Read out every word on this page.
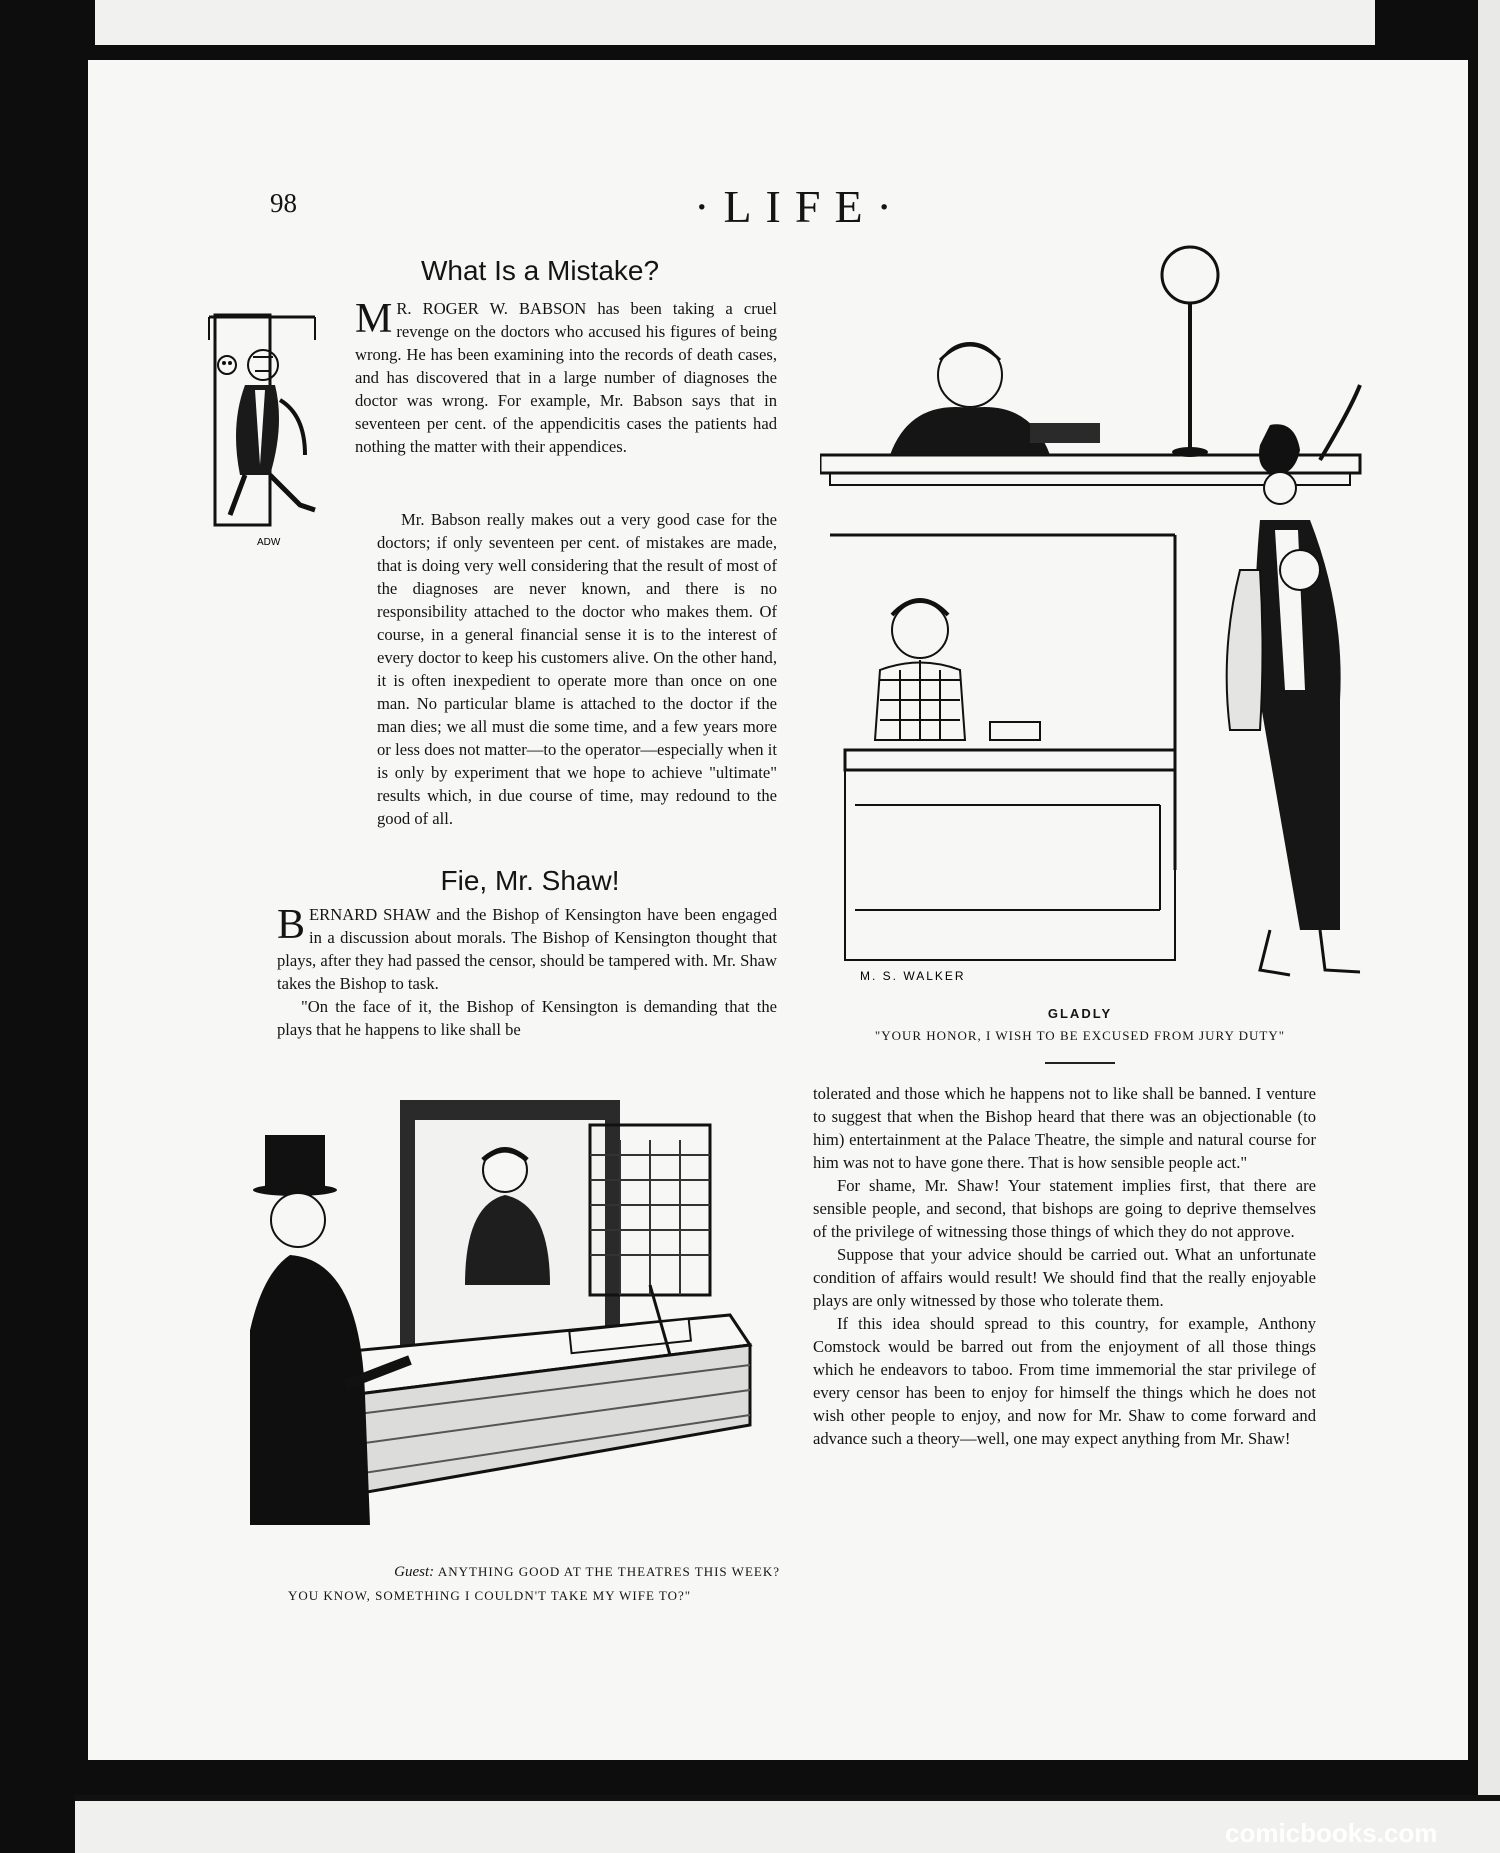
98	·LIFE·
What Is a Mistake?
ADW
M R. ROGER W. BABSON has been taking a cruel revenge on the doctors who accused his figures of being wrong. He has been examining into the records of death cases, and has discovered that in a large number of diagnoses the doctor was wrong. For example, Mr. Babson says that in seventeen per cent. of the appendicitis cases the patients had nothing the matter with their appendices.

Mr. Babson really makes out a very good case for the doctors; if only seventeen per cent. of mistakes are made, that is doing very well considering that the result of most of the diagnoses are never known, and there is no responsibility attached to the doctor who makes them. Of course, in a general financial sense it is to the interest of every doctor to keep his customers alive. On the other hand, it is often inexpedient to operate more than once on one man. No particular blame is attached to the doctor if the man dies; we all must die some time, and a few years more or less does not matter—to the operator—especially when it is only by experiment that we hope to achieve "ultimate" results which, in due course of time, may redound to the good of all.

Fie, Mr. Shaw!
B ERNARD SHAW and the Bishop of Kensington have been engaged in a discussion about morals. The Bishop of Kensington thought that plays, after they had passed the censor, should be tampered with. Mr. Shaw takes the Bishop to task.

"On the face of it, the Bishop of Kensington is demanding that the plays that he happens to like shall be

M. S. WALKER
GLADLY
"YOUR HONOR, I WISH TO BE EXCUSED FROM JURY DUTY"
Guest: ANYTHING GOOD AT THE THEATRES THIS WEEK?
YOU KNOW, SOMETHING I COULDN'T TAKE MY WIFE TO?"

tolerated and those which he happens not to like shall be banned. I venture to suggest that when the Bishop heard that there was an objectionable (to him) entertainment at the Palace Theatre, the simple and natural course for him was not to have gone there. That is how sensible people act."

For shame, Mr. Shaw! Your statement implies first, that there are sensible people, and second, that bishops are going to deprive themselves of the privilege of witnessing those things of which they do not approve.

Suppose that your advice should be carried out. What an unfortunate condition of affairs would result! We should find that the really enjoyable plays are only witnessed by those who tolerate them.

If this idea should spread to this country, for example, Anthony Comstock would be barred out from the enjoyment of all those things which he endeavors to taboo. From time immemorial the star privilege of every censor has been to enjoy for himself the things which he does not wish other people to enjoy, and now for Mr. Shaw to come forward and advance such a theory—well, one may expect anything from Mr. Shaw!

comicbooks.com
